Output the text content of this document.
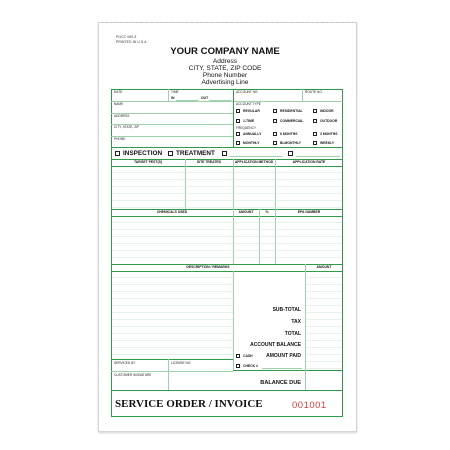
POCC 060-3
PRINTED IN U.S.A.
YOUR COMPANY NAME
Address
CITY, STATE, ZIP CODE
Phone Number
Advertising Line
DATE	TIME
IN	OUT
ACCOUNT NO.	ROUTE NO.
NAME
ADDRESS
CITY, STATE, ZIP
PHONE
ACCOUNT TYPE
REGULAR	RESIDENTIAL	INDOOR
1-TIME	COMMERCIAL	OUTDOOR
FREQUENCY
ANNUALLY	6 MONTHS	3 MONTHS
MONTHLY	BI-MONTHLY	WEEKLY
INSPECTION TREATMENT
TARGET PEST(S)	SITE TREATED	APPLICATION METHOD	APPLICATION RATE
CHEMICALS USED	AMOUNT	%	EPA NUMBER
DESCRIPTION / REMARKS	AMOUNT
SUB-TOTAL
TAX
TOTAL
ACCOUNT BALANCE
AMOUNT PAID
CASH
CHECK #
BALANCE DUE
SERVICED BY	LICENSE NO.
CUSTOMER SIGNATURE
SERVICE ORDER / INVOICE	001001
